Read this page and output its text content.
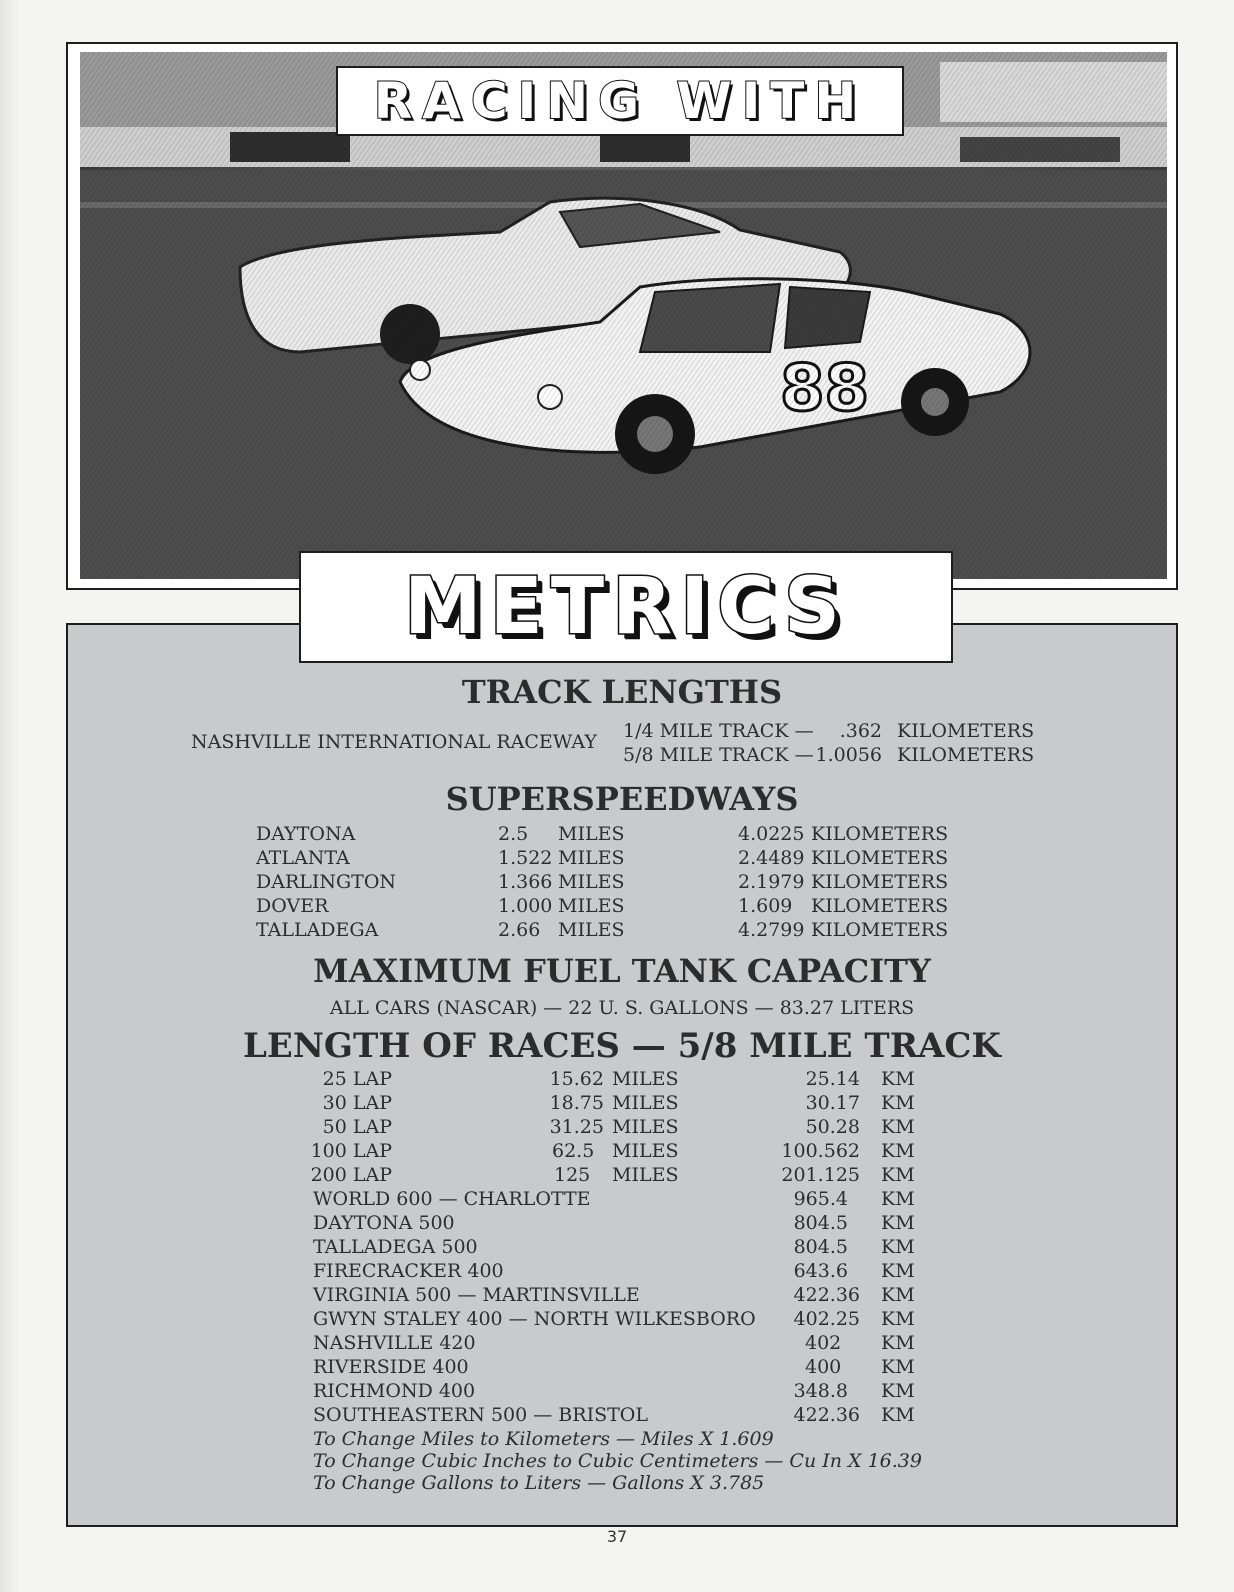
RACING WITH
METRICS
TRACK LENGTHS
NASHVILLE INTERNATIONAL RACEWAY 1/4 MILE TRACK —	.362 KILOMETERS
5/8 MILE TRACK — 1.0056 KILOMETERS
SUPERSPEEDWAYS
DAYTONA	2.5 MILES	4.0225 KILOMETERS
ATLANTA	1.522 MILES	2.4489 KILOMETERS
DARLINGTON	1.366 MILES	2.1979 KILOMETERS
DOVER	1.000 MILES	1.609 KILOMETERS
TALLADEGA	2.66 MILES	4.2799 KILOMETERS
MAXIMUM FUEL TANK CAPACITY
ALL CARS (NASCAR) — 22 U. S. GALLONS — 83.27 LITERS
LENGTH OF RACES — 5/8 MILE TRACK
25 LAP	15.62 MILES	25.14 KM
30 LAP	18.75 MILES	30.17 KM
50 LAP	31.25 MILES	50.28 KM
100 LAP	62.5 MILES	100.562 KM
200 LAP	125 MILES	201.125 KM
WORLD 600 — CHARLOTTE	965.4 KM
DAYTONA 500	804.5 KM
TALLADEGA 500	804.5 KM
FIRECRACKER 400	643.6 KM
VIRGINIA 500 — MARTINSVILLE	422.36 KM
GWYN STALEY 400 — NORTH WILKESBORO	402.25 KM
NASHVILLE 420	402 KM
RIVERSIDE 400	400 KM
RICHMOND 400	348.8 KM
SOUTHEASTERN 500 — BRISTOL	422.36 KM
To Change Miles to Kilometers — Miles X 1.609
To Change Cubic Inches to Cubic Centimeters — Cu In X 16.39
To Change Gallons to Liters — Gallons X 3.785
37
